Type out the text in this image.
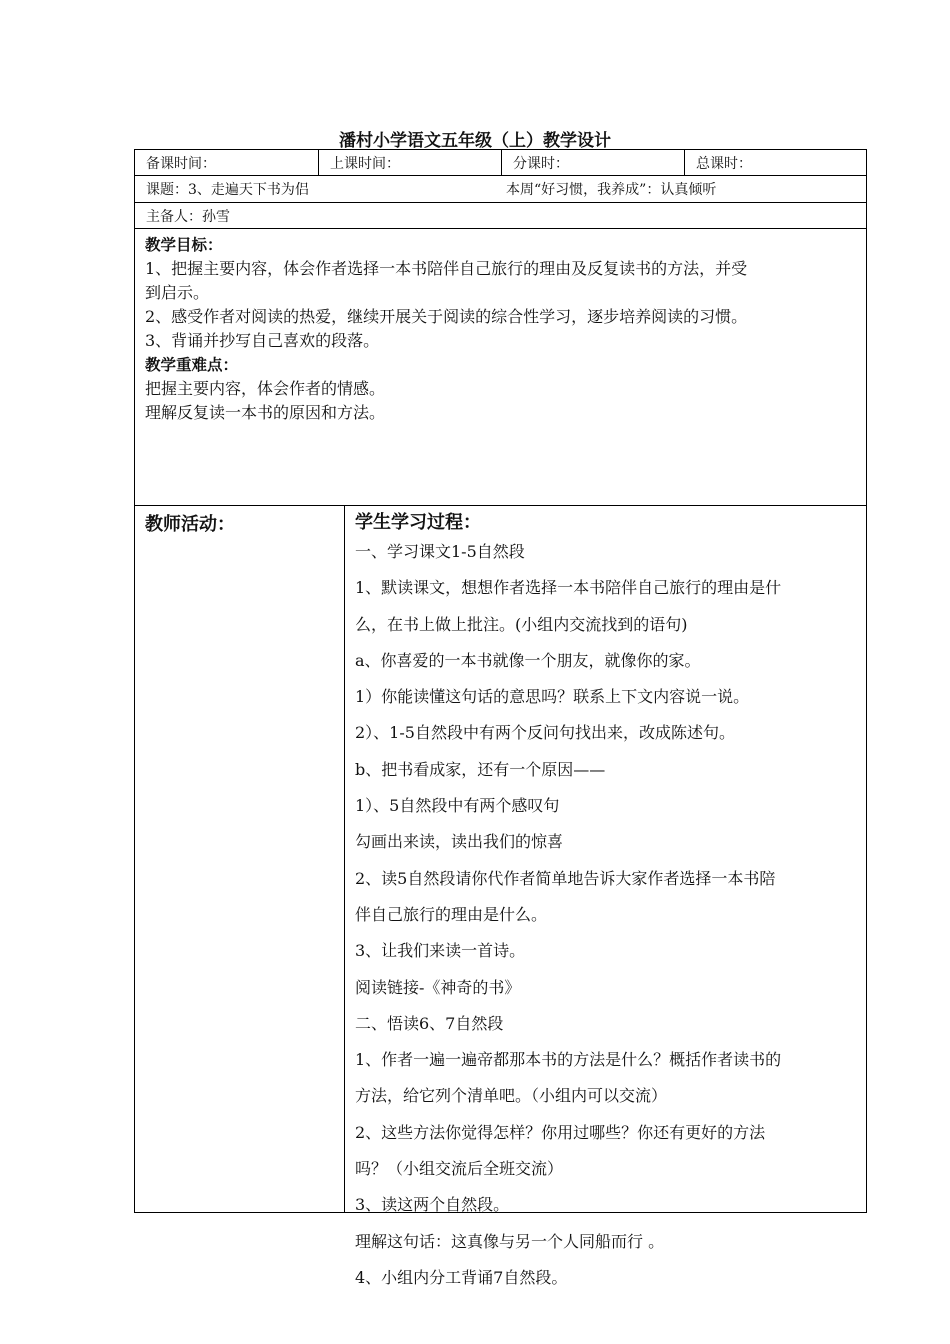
潘村小学语文五年级（上）教学设计
备课时间：	上课时间：	分课时：	总课时：
课题：3、走遍天下书为侣	本周“好习惯，我养成”：认真倾听
主备人：孙雪

教学目标：

1、把握主要内容，体会作者选择一本书陪伴自己旅行的理由及反复读书的方法，并受

到启示。

2、感受作者对阅读的热爱，继续开展关于阅读的综合性学习，逐步培养阅读的习惯。

3、背诵并抄写自己喜欢的段落。

教学重难点：

把握主要内容，体会作者的情感。

理解反复读一本书的原因和方法。

教师活动：	学生学习过程：
一、学习课文1-5自然段
1、默读课文，想想作者选择一本书陪伴自己旅行的理由是什
么，在书上做上批注。(小组内交流找到的语句)
a、你喜爱的一本书就像一个朋友，就像你的家。
1）你能读懂这句话的意思吗？联系上下文内容说一说。
2）、1-5自然段中有两个反问句找出来，改成陈述句。
b、把书看成家，还有一个原因——
1）、5自然段中有两个感叹句
勾画出来读，读出我们的惊喜
2、读5自然段请你代作者简单地告诉大家作者选择一本书陪
伴自己旅行的理由是什么。
3、让我们来读一首诗。
阅读链接-《神奇的书》
二、悟读6、7自然段
1、作者一遍一遍帝都那本书的方法是什么？概括作者读书的
方法，给它列个清单吧。（小组内可以交流）
2、这些方法你觉得怎样？你用过哪些？你还有更好的方法
吗？（小组交流后全班交流）
3、读这两个自然段。
理解这句话：这真像与另一个人同船而行 。
4、小组内分工背诵7自然段。
